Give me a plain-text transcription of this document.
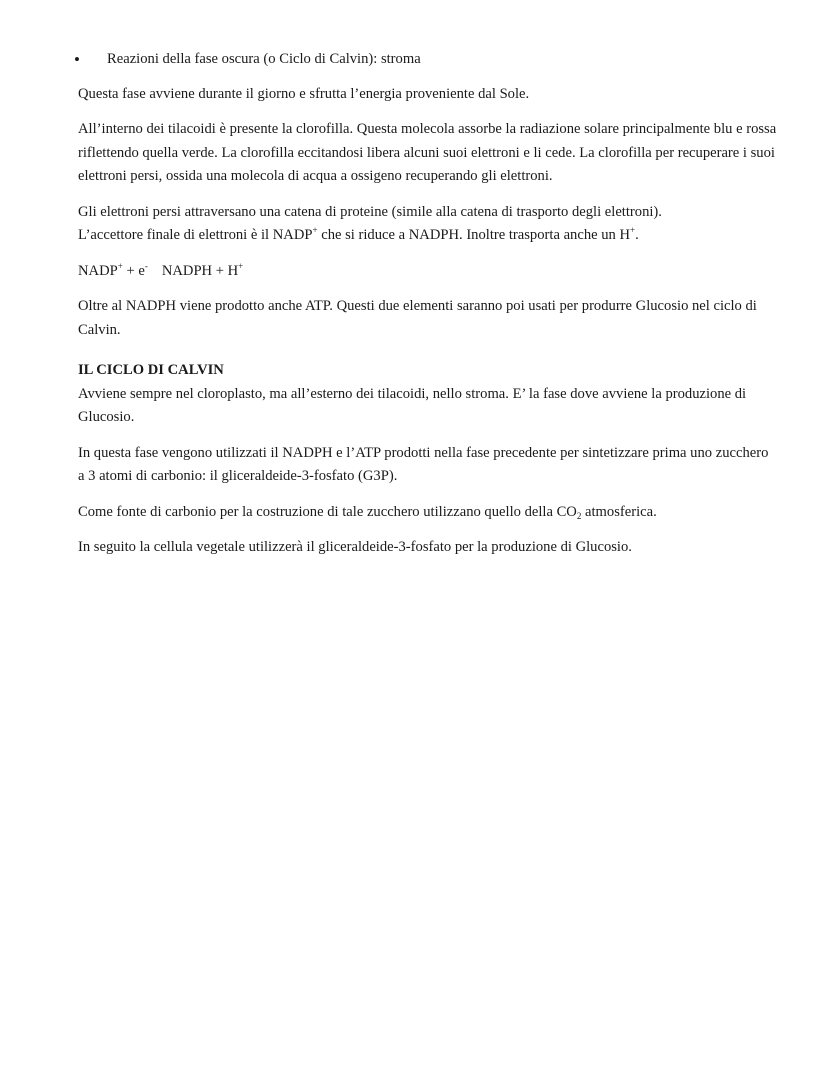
• Reazioni della fase oscura (o Ciclo di Calvin): stroma

Questa fase avviene durante il giorno e sfrutta l’energia proveniente dal Sole.

All’interno dei tilacoidi è presente la clorofilla. Questa molecola assorbe la radiazione solare principalmente blu e rossa riflettendo quella verde. La clorofilla eccitandosi libera alcuni suoi elettroni e li cede. La clorofilla per recuperare i suoi elettroni persi, ossida una molecola di acqua a ossigeno recuperando gli elettroni.

Gli elettroni persi attraversano una catena di proteine (simile alla catena di trasporto degli elettroni).
L’accettore finale di elettroni è il NADP+ che si riduce a NADPH. Inoltre trasporta anche un H+.

NADP+ + e- NADPH + H+

Oltre al NADPH viene prodotto anche ATP. Questi due elementi saranno poi usati per produrre Glucosio nel ciclo di Calvin.

IL CICLO DI CALVIN

Avviene sempre nel cloroplasto, ma all’esterno dei tilacoidi, nello stroma. E’ la fase dove avviene la produzione di Glucosio.

In questa fase vengono utilizzati il NADPH e l’ATP prodotti nella fase precedente per sintetizzare prima uno zucchero a 3 atomi di carbonio: il gliceraldeide-3-fosfato (G3P).

Come fonte di carbonio per la costruzione di tale zucchero utilizzano quello della $CO_2$ atmosferica.

In seguito la cellula vegetale utilizzerà il gliceraldeide-3-fosfato per la produzione di Glucosio.
